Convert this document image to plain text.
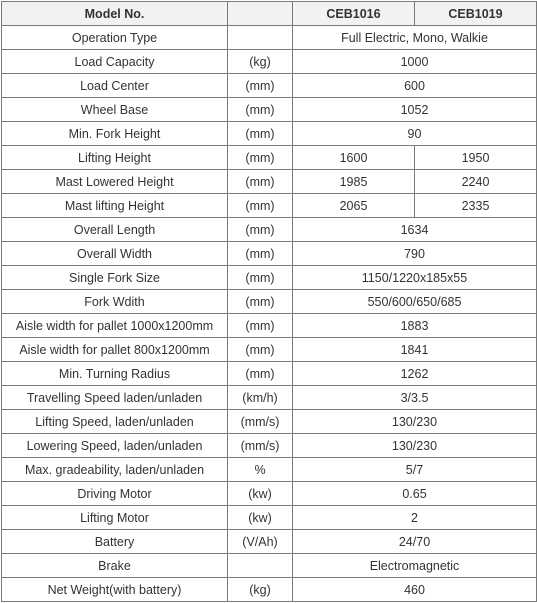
Model No.		CEB1016	CEB1019
Operation Type		Full Electric, Mono, Walkie	
Load Capacity	(kg)	1000	
Load Center	(mm)	600	
Wheel Base	(mm)	1052	
Min. Fork Height	(mm)	90	
Lifting Height	(mm)	1600	1950
Mast Lowered Height	(mm)	1985	2240
Mast lifting Height	(mm)	2065	2335
Overall Length	(mm)	1634	
Overall Width	(mm)	790	
Single Fork Size	(mm)	1150/1220x185x55	
Fork Wdith	(mm)	550/600/650/685	
Aisle width for pallet 1000x1200mm	(mm)	1883	
Aisle width for pallet 800x1200mm	(mm)	1841	
Min. Turning Radius	(mm)	1262	
Travelling Speed laden/unladen	(km/h)	3/3.5	
Lifting Speed, laden/unladen	(mm/s)	130/230	
Lowering Speed, laden/unladen	(mm/s)	130/230	
Max. gradeability, laden/unladen	%	5/7	
Driving Motor	(kw)	0.65	
Lifting Motor	(kw)	2	
Battery	(V/Ah)	24/70	
Brake		Electromagnetic	
Net Weight(with battery)	(kg)	460	
